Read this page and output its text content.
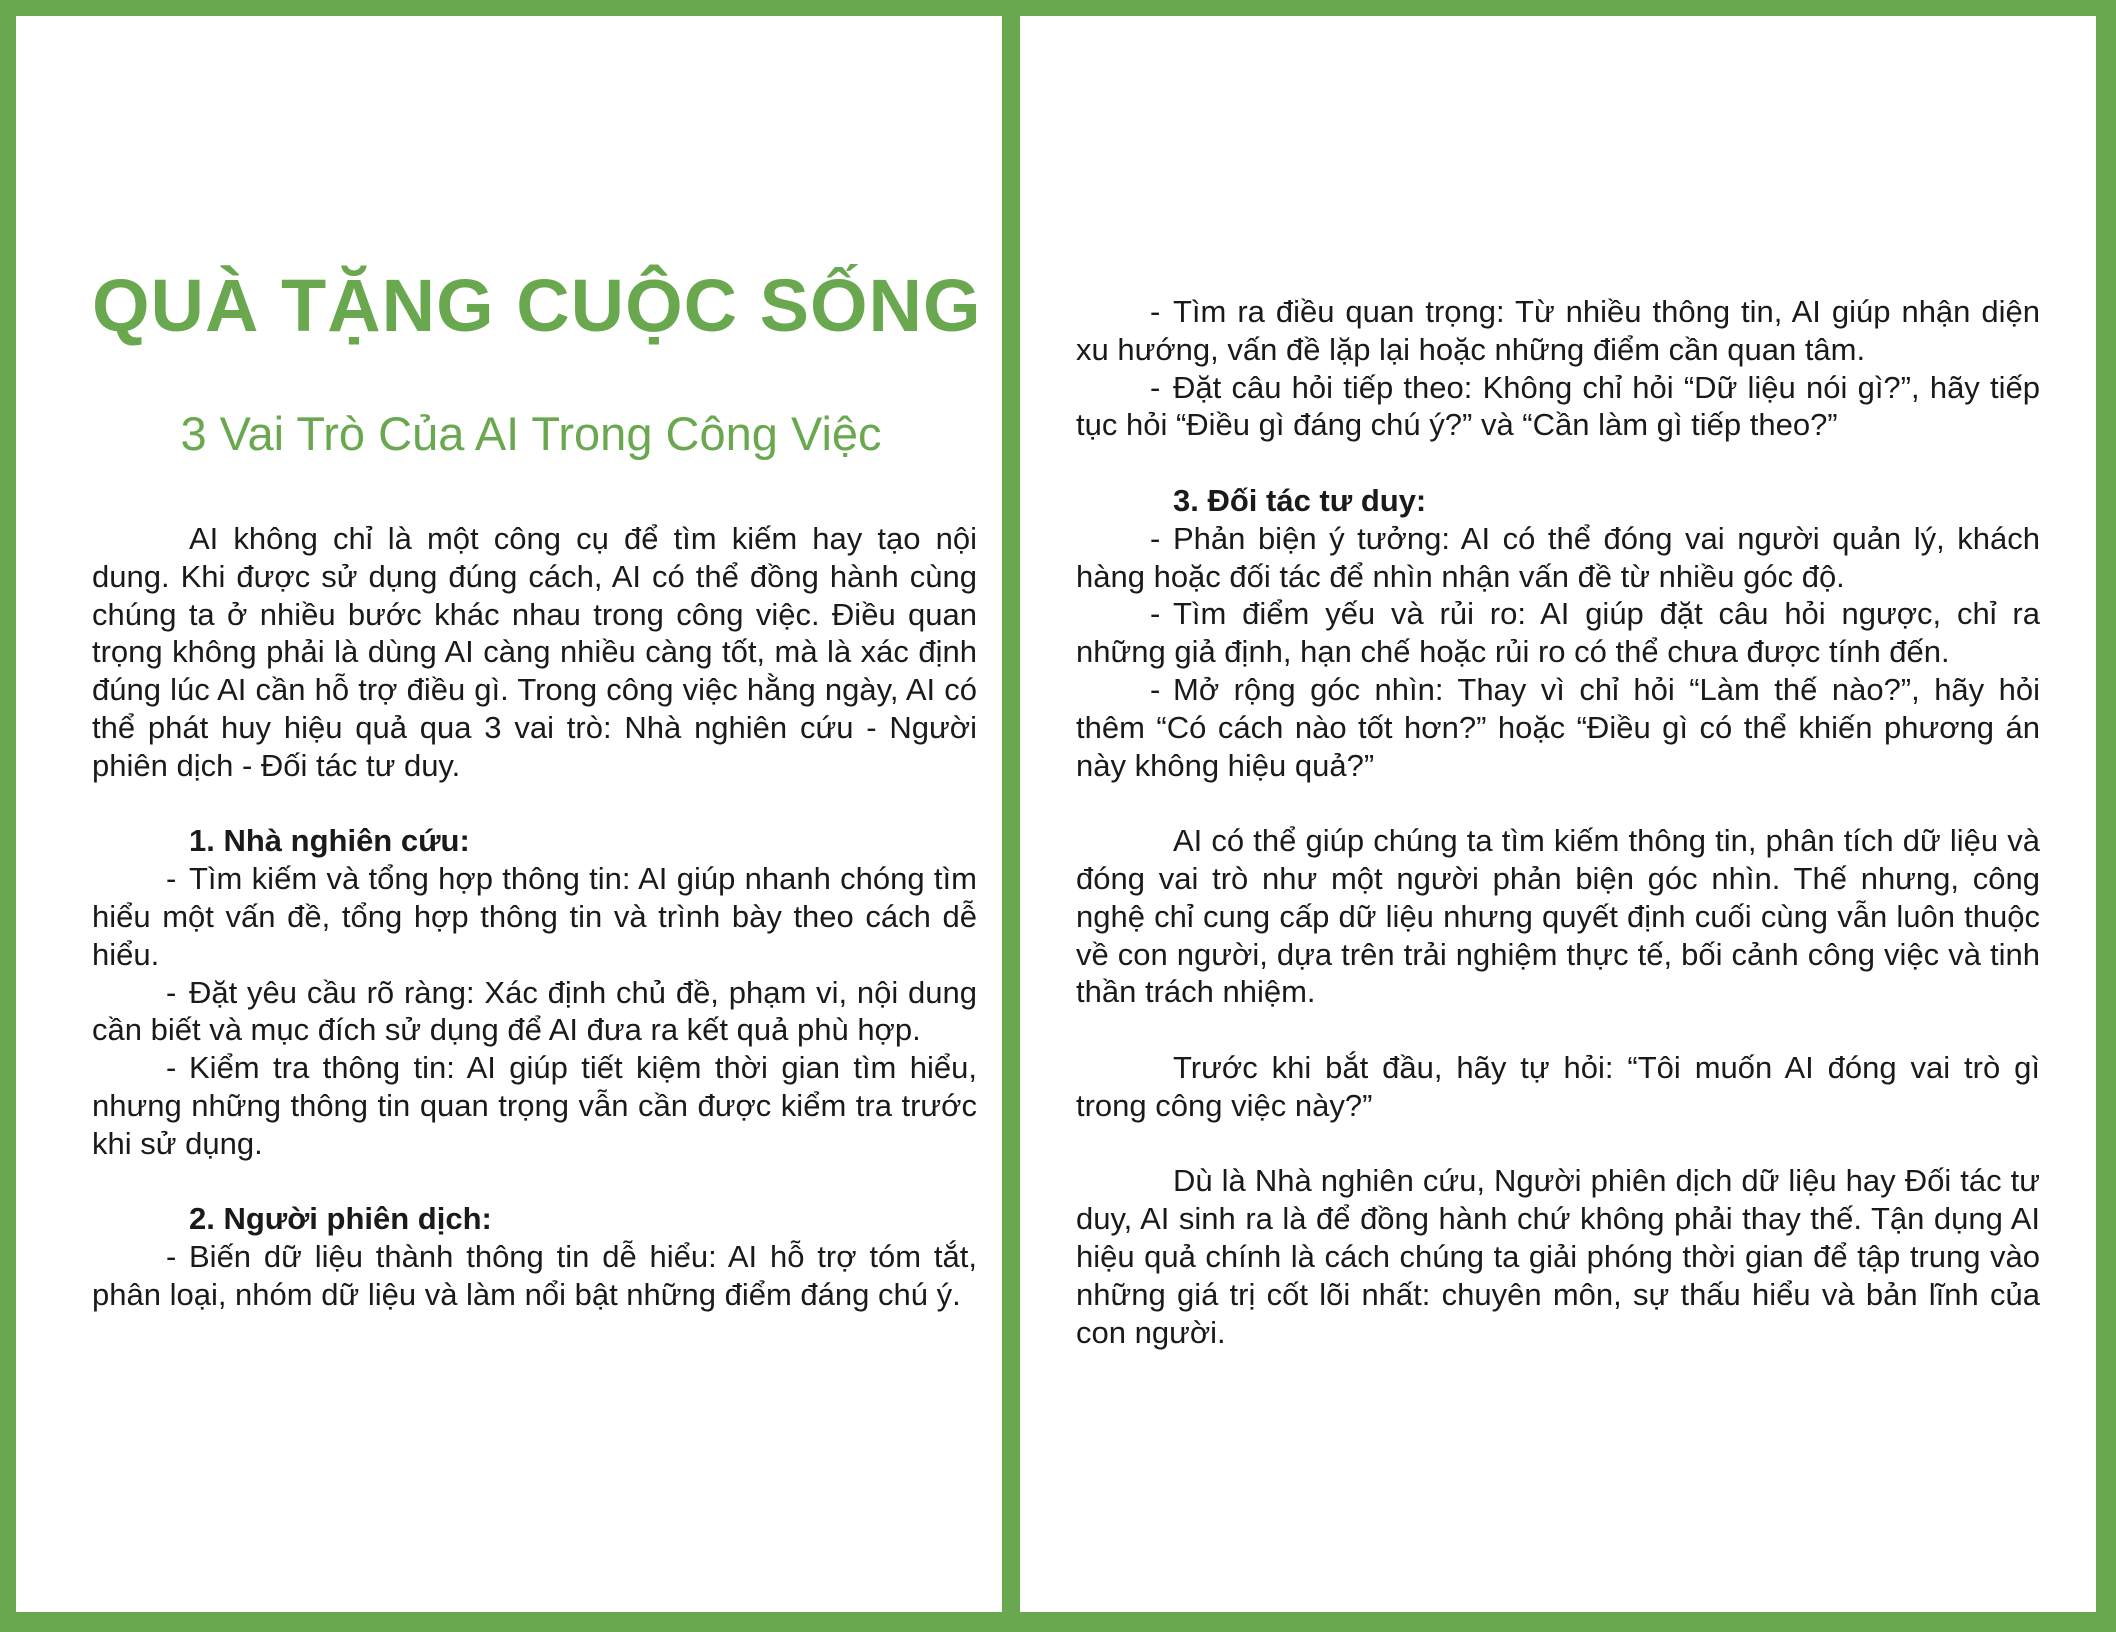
QUÀ TẶNG CUỘC SỐNG
3 Vai Trò Của AI Trong Công Việc

AI không chỉ là một công cụ để tìm kiếm hay tạo nội dung. Khi được sử dụng đúng cách, AI có thể đồng hành cùng chúng ta ở nhiều bước khác nhau trong công việc. Điều quan trọng không phải là dùng AI càng nhiều càng tốt, mà là xác định đúng lúc AI cần hỗ trợ điều gì. Trong công việc hằng ngày, AI có thể phát huy hiệu quả qua 3 vai trò: Nhà nghiên cứu - Người phiên dịch - Đối tác tư duy.

1. Nhà nghiên cứu:

- Tìm kiếm và tổng hợp thông tin: AI giúp nhanh chóng tìm hiểu một vấn đề, tổng hợp thông tin và trình bày theo cách dễ hiểu.

- Đặt yêu cầu rõ ràng: Xác định chủ đề, phạm vi, nội dung cần biết và mục đích sử dụng để AI đưa ra kết quả phù hợp.

- Kiểm tra thông tin: AI giúp tiết kiệm thời gian tìm hiểu, nhưng những thông tin quan trọng vẫn cần được kiểm tra trước khi sử dụng.

2. Người phiên dịch:

- Biến dữ liệu thành thông tin dễ hiểu: AI hỗ trợ tóm tắt, phân loại, nhóm dữ liệu và làm nổi bật những điểm đáng chú ý.

- Tìm ra điều quan trọng: Từ nhiều thông tin, AI giúp nhận diện xu hướng, vấn đề lặp lại hoặc những điểm cần quan tâm.

- Đặt câu hỏi tiếp theo: Không chỉ hỏi “Dữ liệu nói gì?”, hãy tiếp tục hỏi “Điều gì đáng chú ý?” và “Cần làm gì tiếp theo?”

3. Đối tác tư duy:

- Phản biện ý tưởng: AI có thể đóng vai người quản lý, khách hàng hoặc đối tác để nhìn nhận vấn đề từ nhiều góc độ.

- Tìm điểm yếu và rủi ro: AI giúp đặt câu hỏi ngược, chỉ ra những giả định, hạn chế hoặc rủi ro có thể chưa được tính đến.

- Mở rộng góc nhìn: Thay vì chỉ hỏi “Làm thế nào?”, hãy hỏi thêm “Có cách nào tốt hơn?” hoặc “Điều gì có thể khiến phương án này không hiệu quả?”

AI có thể giúp chúng ta tìm kiếm thông tin, phân tích dữ liệu và đóng vai trò như một người phản biện góc nhìn. Thế nhưng, công nghệ chỉ cung cấp dữ liệu nhưng quyết định cuối cùng vẫn luôn thuộc về con người, dựa trên trải nghiệm thực tế, bối cảnh công việc và tinh thần trách nhiệm.

Trước khi bắt đầu, hãy tự hỏi: “Tôi muốn AI đóng vai trò gì trong công việc này?”

Dù là Nhà nghiên cứu, Người phiên dịch dữ liệu hay Đối tác tư duy, AI sinh ra là để đồng hành chứ không phải thay thế. Tận dụng AI hiệu quả chính là cách chúng ta giải phóng thời gian để tập trung vào những giá trị cốt lõi nhất: chuyên môn, sự thấu hiểu và bản lĩnh của con người.
